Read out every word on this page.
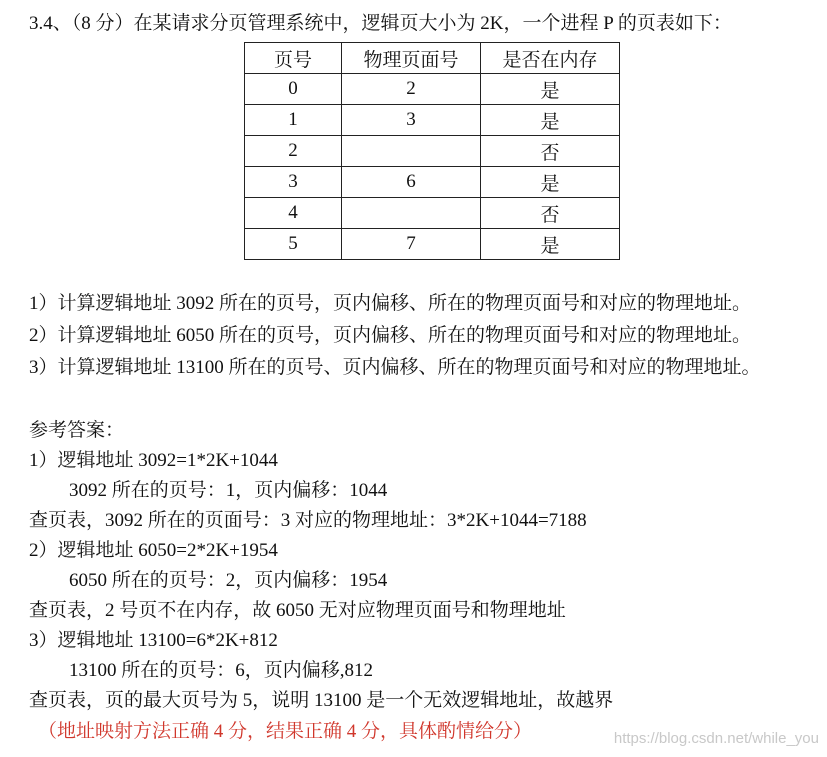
3.4、（8 分）在某请求分页管理系统中，逻辑页大小为 2K，一个进程 P 的页表如下：
页号	物理页面号	是否在内存
0	2	是
1	3	是
2		否
3	6	是
4		否
5	7	是
1）计算逻辑地址 3092 所在的页号，页内偏移、所在的物理页面号和对应的物理地址。
2）计算逻辑地址 6050 所在的页号，页内偏移、所在的物理页面号和对应的物理地址。
3）计算逻辑地址 13100 所在的页号、页内偏移、所在的物理页面号和对应的物理地址。
参考答案：
1）逻辑地址 3092=1*2K+1044
3092 所在的页号：1，页内偏移：1044
查页表，3092 所在的页面号：3 对应的物理地址：3*2K+1044=7188
2）逻辑地址 6050=2*2K+1954
6050 所在的页号：2，页内偏移：1954
查页表，2 号页不在内存，故 6050 无对应物理页面号和物理地址
3）逻辑地址 13100=6*2K+812
13100 所在的页号：6，页内偏移,812
查页表，页的最大页号为 5，说明 13100 是一个无效逻辑地址，故越界
（地址映射方法正确 4 分，结果正确 4 分，具体酌情给分）	https://blog.csdn.net/while_you
